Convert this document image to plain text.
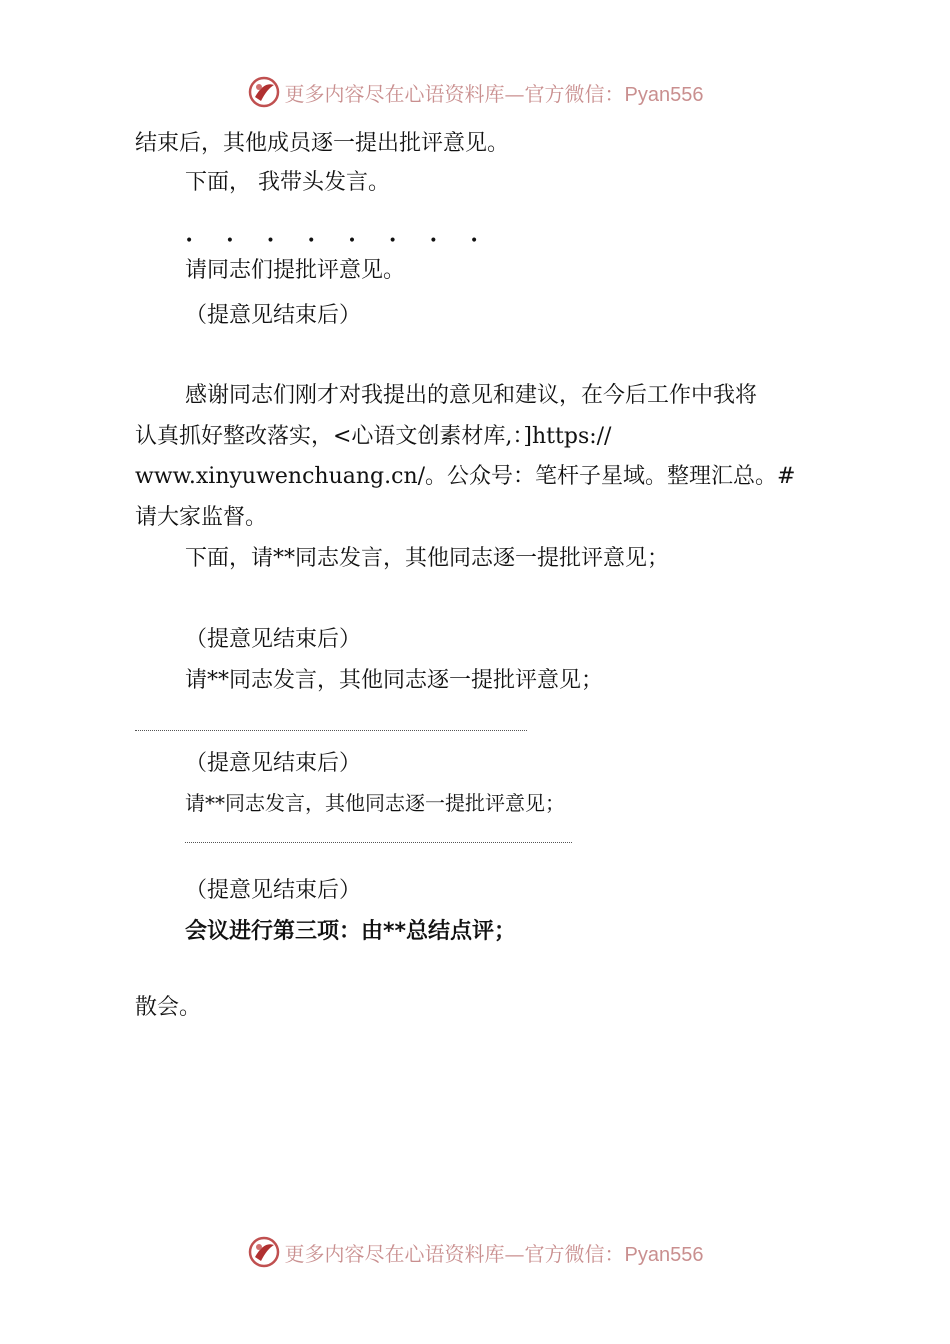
更多内容尽在心语资料库—官方微信：Pyan556
结束后，其他成员逐一提出批评意见。
下面， 我带头发言。
• • • • • • • •
请同志们提批评意见。
（提意见结束后）
感谢同志们刚才对我提出的意见和建议，在今后工作中我将
认真抓好整改落实，<心语文创素材库,：]https://
www.xinyuwenchuang.cn/。公众号：笔杆子星域。整理汇总。#
请大家监督。
下面，请**同志发言，其他同志逐一提批评意见；
（提意见结束后）
请**同志发言，其他同志逐一提批评意见；
（提意见结束后）
请**同志发言，其他同志逐一提批评意见；
（提意见结束后）
会议进行第三项：由**总结点评；
散会。
更多内容尽在心语资料库—官方微信：Pyan556
